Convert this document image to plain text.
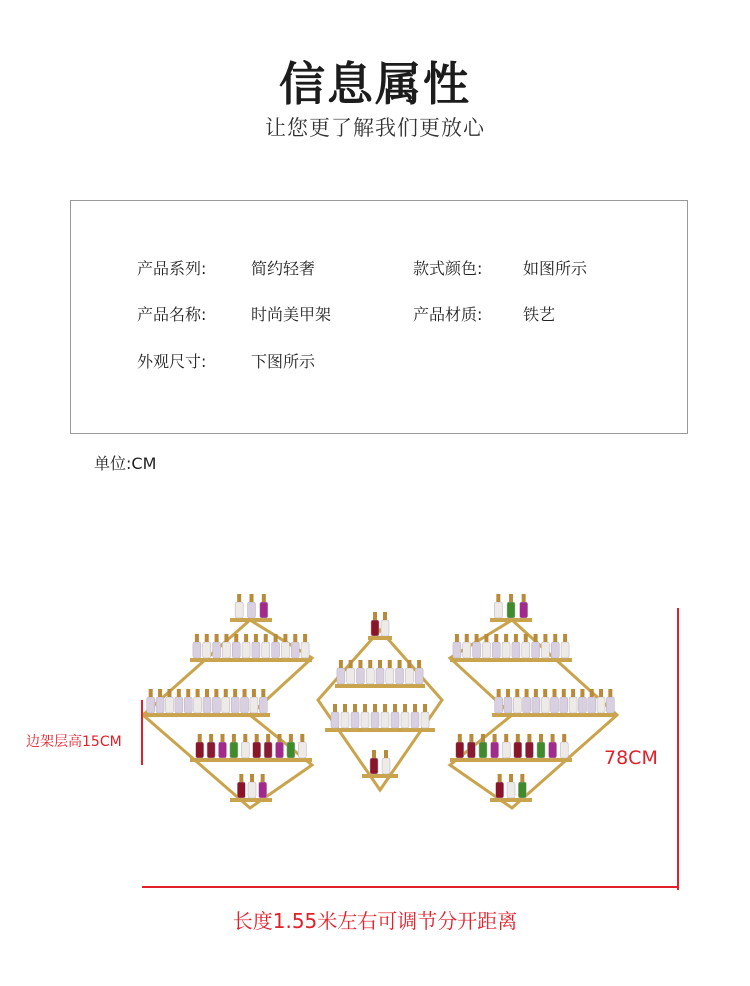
信息属性
让您更了解我们更放心
产品系列:	简约轻奢	款式颜色:	如图所示
产品名称:	时尚美甲架	产品材质:	铁艺
外观尺寸:	下图所示
单位:CM
边架层高15CM
78CM
长度1.55米左右可调节分开距离
